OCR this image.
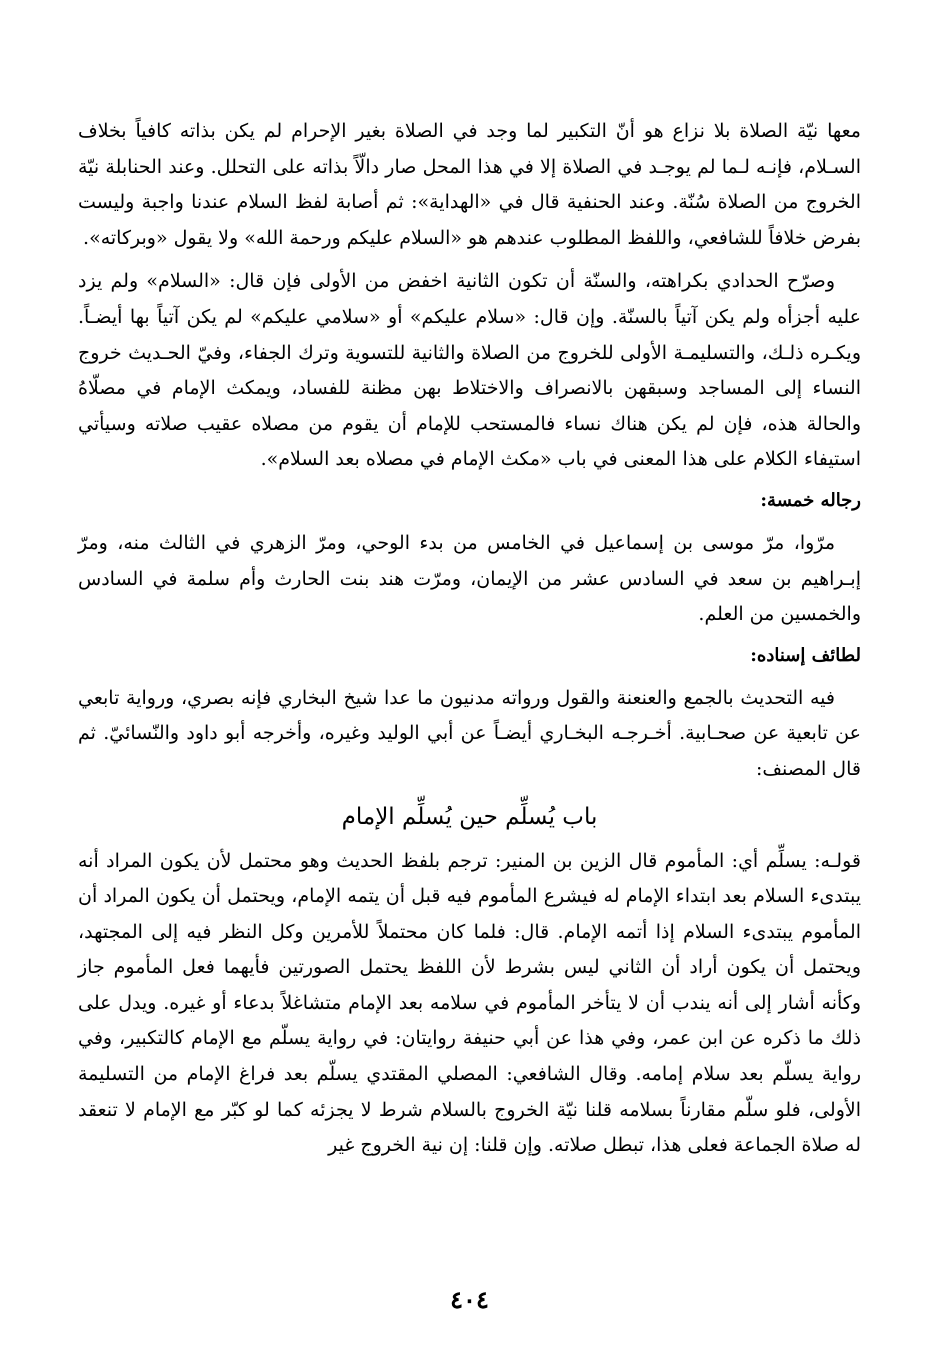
معها نيّة الصلاة بلا نزاع هو أنّ التكبير لما وجد في الصلاة بغير الإحرام لم يكن بذاته كافياً بخلاف السـلام، فإنـه لـما لم يوجـد في الصلاة إلا في هذا المحل صار دالّاً بذاته على التحلل. وعند الحنابلة نيّة الخروج من الصلاة سُنّة. وعند الحنفية قال في «الهداية»: ثم أصابة لفظ السلام عندنا واجبة وليست بفرض خلافاً للشافعي، واللفظ المطلوب عندهم هو «السلام عليكم ورحمة الله» ولا يقول «وبركاته».

وصرّح الحدادي بكراهته، والسنّة أن تكون الثانية اخفض من الأولى فإن قال: «السلام» ولم يزد عليه أجزأه ولم يكن آتياً بالسنّة. وإن قال: «سلام عليكم» أو «سلامي عليكم» لم يكن آتياً بها أيضـاً. ويكـره ذلـك، والتسليمـة الأولى للخروج من الصلاة والثانية للتسوية وترك الجفاء، وفيّ الحـديث خروج النساء إلى المساجد وسبقهن بالانصراف والاختلاط بهن مظنة للفساد، ويمكث الإمام في مصلّاهُ والحالة هذه، فإن لم يكن هناك نساء فالمستحب للإمام أن يقوم من مصلاه عقيب صلاته وسيأتي استيفاء الكلام على هذا المعنى في باب «مكث الإمام في مصلاه بعد السلام».

رجاله خمسة:

مرّوا، مرّ موسى بن إسماعيل في الخامس من بدء الوحي، ومرّ الزهري في الثالث منه، ومرّ إبـراهيم بن سعد في السادس عشر من الإيمان، ومرّت هند بنت الحارث وأم سلمة في السادس والخمسين من العلم.

لطائف إسناده:

فيه التحديث بالجمع والعنعنة والقول ورواته مدنيون ما عدا شيخ البخاري فإنه بصري، ورواية تابعي عن تابعية عن صحـابية. أخـرجـه البخـاري أيضـاً عن أبي الوليد وغيره، وأخرجه أبو داود والنّسائيّ. ثم قال المصنف:

باب يُسلِّم حين يُسلِّم الإمام

قولـه: يسلِّم أي: المأموم قال الزين بن المنير: ترجم بلفظ الحديث وهو محتمل لأن يكون المراد أنه يبتدىء السلام بعد ابتداء الإمام له فيشرع المأموم فيه قبل أن يتمه الإمام، ويحتمل أن يكون المراد أن المأموم يبتدىء السلام إذا أتمه الإمام. قال: فلما كان محتملاً للأمرين وكل النظر فيه إلى المجتهد، ويحتمل أن يكون أراد أن الثاني ليس بشرط لأن اللفظ يحتمل الصورتين فأيهما فعل المأموم جاز وكأنه أشار إلى أنه يندب أن لا يتأخر المأموم في سلامه بعد الإمام متشاغلاً بدعاء أو غيره. ويدل على ذلك ما ذكره عن ابن عمر، وفي هذا عن أبي حنيفة روايتان: في رواية يسلّم مع الإمام كالتكبير، وفي رواية يسلّم بعد سلام إمامه. وقال الشافعي: المصلي المقتدي يسلّم بعد فراغ الإمام من التسليمة الأولى، فلو سلّم مقارناً بسلامه قلنا نيّة الخروج بالسلام شرط لا يجزئه كما لو كبّر مع الإمام لا تنعقد له صلاة الجماعة فعلى هذا، تبطل صلاته. وإن قلنا: إن نية الخروج غير

٤٠٤
